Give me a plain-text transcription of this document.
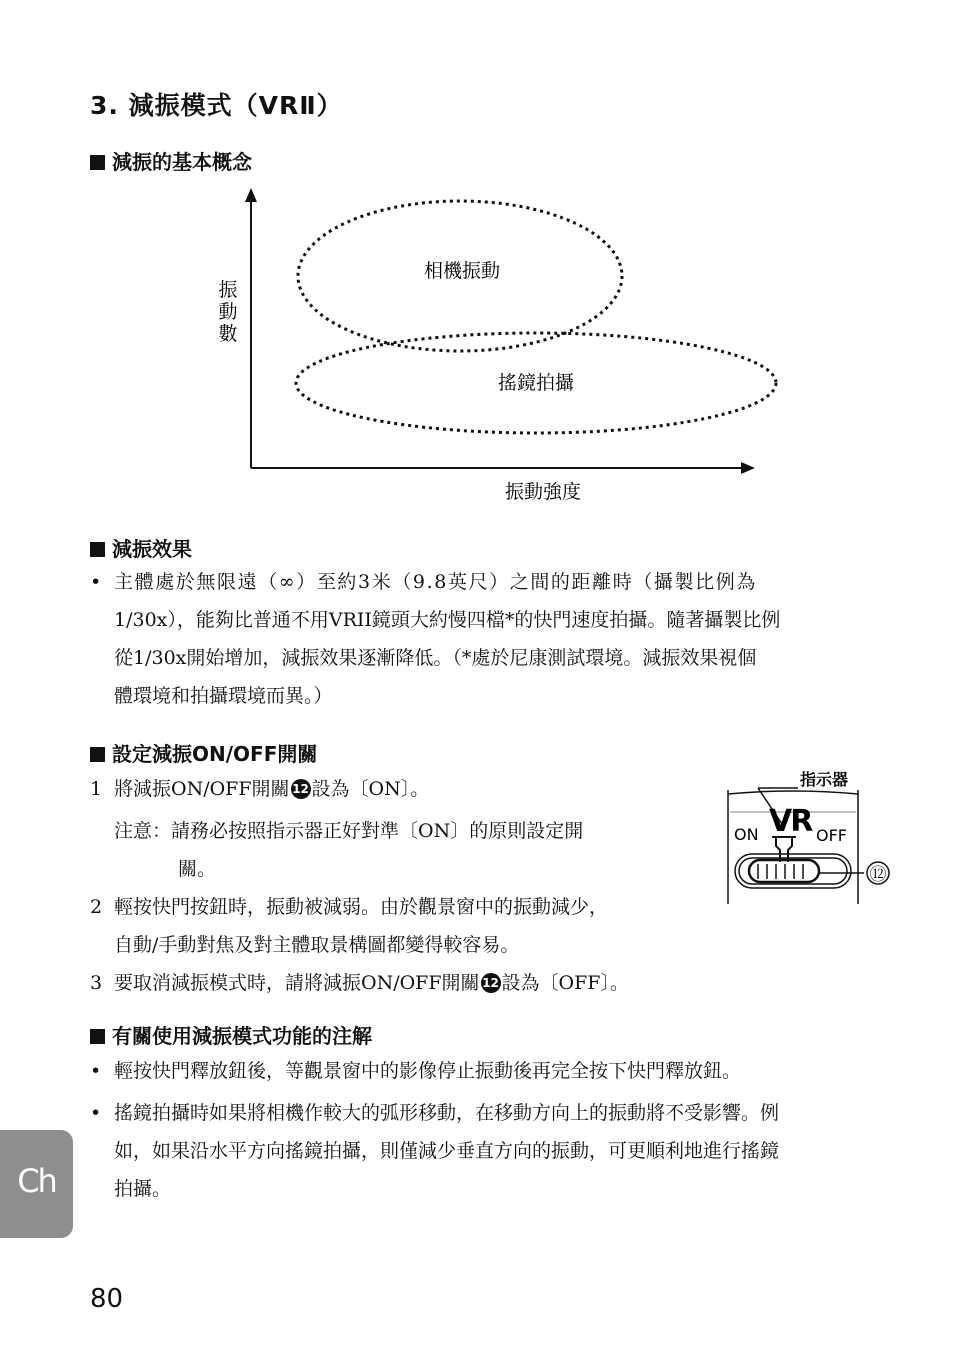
3. 減振模式（VRⅡ）
減振的基本概念
相機振動
搖鏡拍攝
振
動
數
振動強度
減振效果
• 主體處於無限遠（∞）至約3米（9.8英尺）之間的距離時（攝製比例為
1/30x），能夠比普通不用VRII鏡頭大約慢四檔*的快門速度拍攝。隨著攝製比例
從1/30x開始增加，減振效果逐漸降低。（*處於尼康測試環境。減振效果視個
體環境和拍攝環境而異。）
設定減振ON/OFF開關
1 將減振ON/OFF開關 12 設為〔ON〕。
注意：請務必按照指示器正好對準〔ON〕的原則設定開
關。
2 輕按快門按鈕時，振動被減弱。由於觀景窗中的振動減少，
自動/手動對焦及對主體取景構圖都變得較容易。
3 要取消減振模式時，請將減振ON/OFF開關 12 設為〔OFF〕。
指示器
ON VR OFF
⑫
有關使用減振模式功能的注解
• 輕按快門釋放鈕後，等觀景窗中的影像停止振動後再完全按下快門釋放鈕。
• 搖鏡拍攝時如果將相機作較大的弧形移動，在移動方向上的振動將不受影響。例
如，如果沿水平方向搖鏡拍攝，則僅減少垂直方向的振動，可更順利地進行搖鏡
拍攝。
Ch
80
